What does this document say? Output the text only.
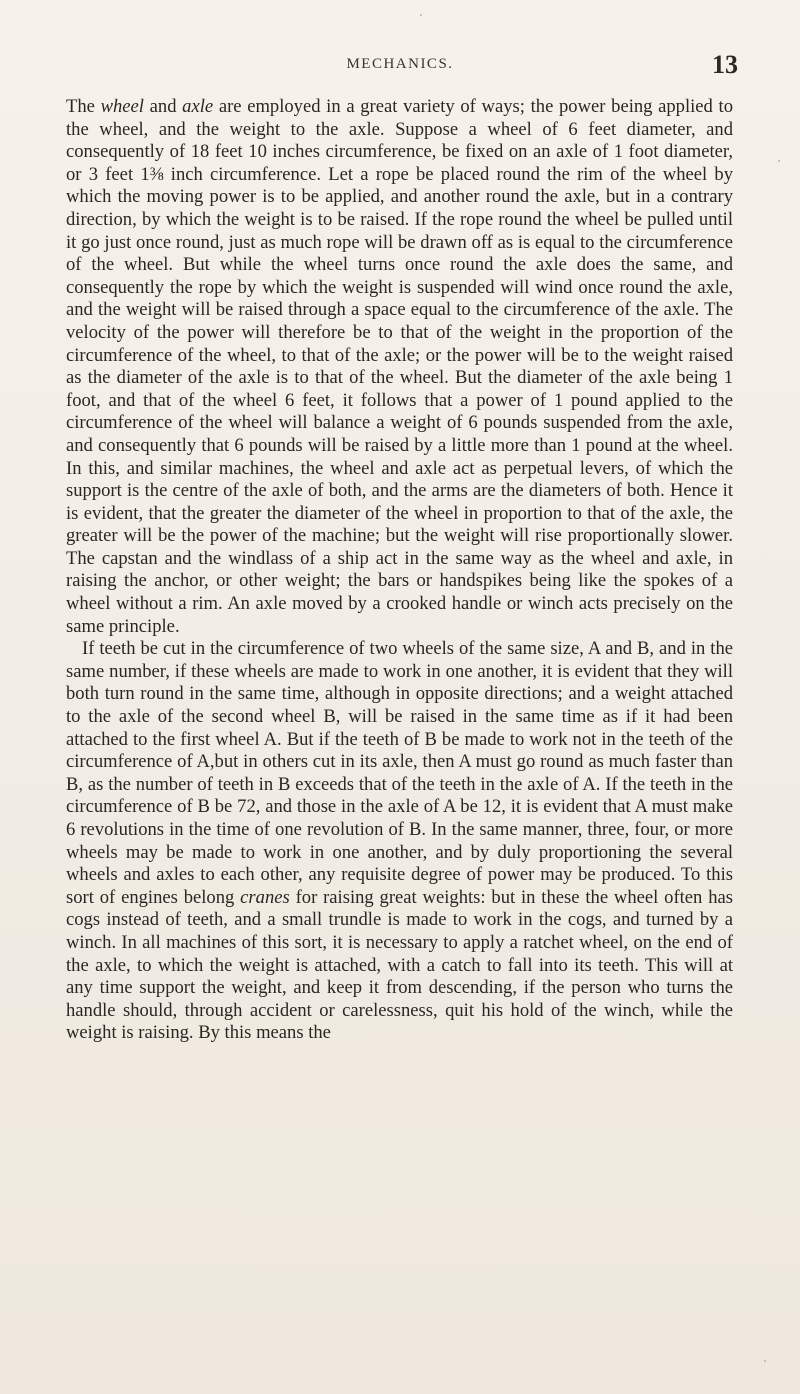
MECHANICS.	13

The wheel and axle are employed in a great variety of ways; the power being applied to the wheel, and the weight to the axle. Suppose a wheel of 6 feet diameter, and consequently of 18 feet 10 inches circumference, be fixed on an axle of 1 foot diameter, or 3 feet 1⅜ inch circumference. Let a rope be placed round the rim of the wheel by which the moving power is to be applied, and another round the axle, but in a contrary direction, by which the weight is to be raised. If the rope round the wheel be pulled until it go just once round, just as much rope will be drawn off as is equal to the circumference of the wheel. But while the wheel turns once round the axle does the same, and consequently the rope by which the weight is suspended will wind once round the axle, and the weight will be raised through a space equal to the circumference of the axle. The velocity of the power will therefore be to that of the weight in the proportion of the circumference of the wheel, to that of the axle; or the power will be to the weight raised as the diameter of the axle is to that of the wheel. But the diameter of the axle being 1 foot, and that of the wheel 6 feet, it follows that a power of 1 pound applied to the circumference of the wheel will balance a weight of 6 pounds suspended from the axle, and consequently that 6 pounds will be raised by a little more than 1 pound at the wheel. In this, and similar machines, the wheel and axle act as perpetual levers, of which the support is the centre of the axle of both, and the arms are the diameters of both. Hence it is evident, that the greater the diameter of the wheel in proportion to that of the axle, the greater will be the power of the machine; but the weight will rise proportionally slower. The capstan and the windlass of a ship act in the same way as the wheel and axle, in raising the anchor, or other weight; the bars or handspikes being like the spokes of a wheel without a rim. An axle moved by a crooked handle or winch acts precisely on the same principle.

If teeth be cut in the circumference of two wheels of the same size, A and B, and in the same number, if these wheels are made to work in one another, it is evident that they will both turn round in the same time, although in opposite directions; and a weight attached to the axle of the second wheel B, will be raised in the same time as if it had been attached to the first wheel A. But if the teeth of B be made to work not in the teeth of the circumference of A,but in others cut in its axle, then A must go round as much faster than B, as the number of teeth in B exceeds that of the teeth in the axle of A. If the teeth in the circumference of B be 72, and those in the axle of A be 12, it is evident that A must make 6 revolutions in the time of one revolution of B. In the same manner, three, four, or more wheels may be made to work in one another, and by duly proportioning the several wheels and axles to each other, any requisite degree of power may be produced. To this sort of engines belong cranes for raising great weights: but in these the wheel often has cogs instead of teeth, and a small trundle is made to work in the cogs, and turned by a winch. In all machines of this sort, it is necessary to apply a ratchet wheel, on the end of the axle, to which the weight is attached, with a catch to fall into its teeth. This will at any time support the weight, and keep it from descending, if the person who turns the handle should, through accident or carelessness, quit his hold of the winch, while the weight is raising. By this means the
